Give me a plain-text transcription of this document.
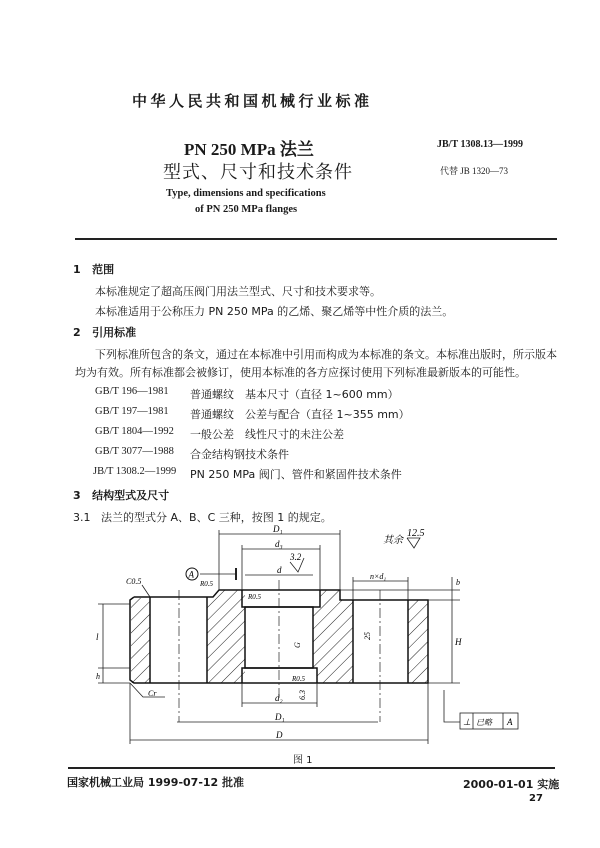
中华人民共和国机械行业标准
PN 250 MPa 法兰
型式、尺寸和技术条件
Type, dimensions and specifications
of PN 250 MPa flanges
JB/T 1308.13—1999
代替 JB 1320—73
1 范围
本标准规定了超高压阀门用法兰型式、尺寸和技术要求等。
本标准适用于公称压力 PN 250 MPa 的乙烯、聚乙烯等中性介质的法兰。
2 引用标准
下列标准所包含的条文，通过在本标准中引用而构成为本标准的条文。本标准出版时，所示版本
均为有效。所有标准都会被修订，使用本标准的各方应探讨使用下列标准最新版本的可能性。
GB/T 196—1981 普通螺纹　基本尺寸（直径 1~600 mm）
GB/T 197—1981 普通螺纹　公差与配合（直径 1~355 mm）
GB/T 1804—1992 一般公差　线性尺寸的未注公差
GB/T 3077—1988 合金结构钢技术条件
JB/T 1308.2—1999 PN 250 MPa 阀门、管件和紧固件技术条件
3 结构型式及尺寸
3.1 法兰的型式分 A、B、C 三种，按图 1 的规定。
A
D₁
d₃
d
n×d₁
b
H
l
h
d₂
D₁
D
C0.5
Cr
R0.5
R0.5
R0.5
3.2
25
6.3
G
其余
12.5
⊥ 已略 A
图 1
国家机械工业局 1999-07-12 批准	2000-01-01 实施
27
